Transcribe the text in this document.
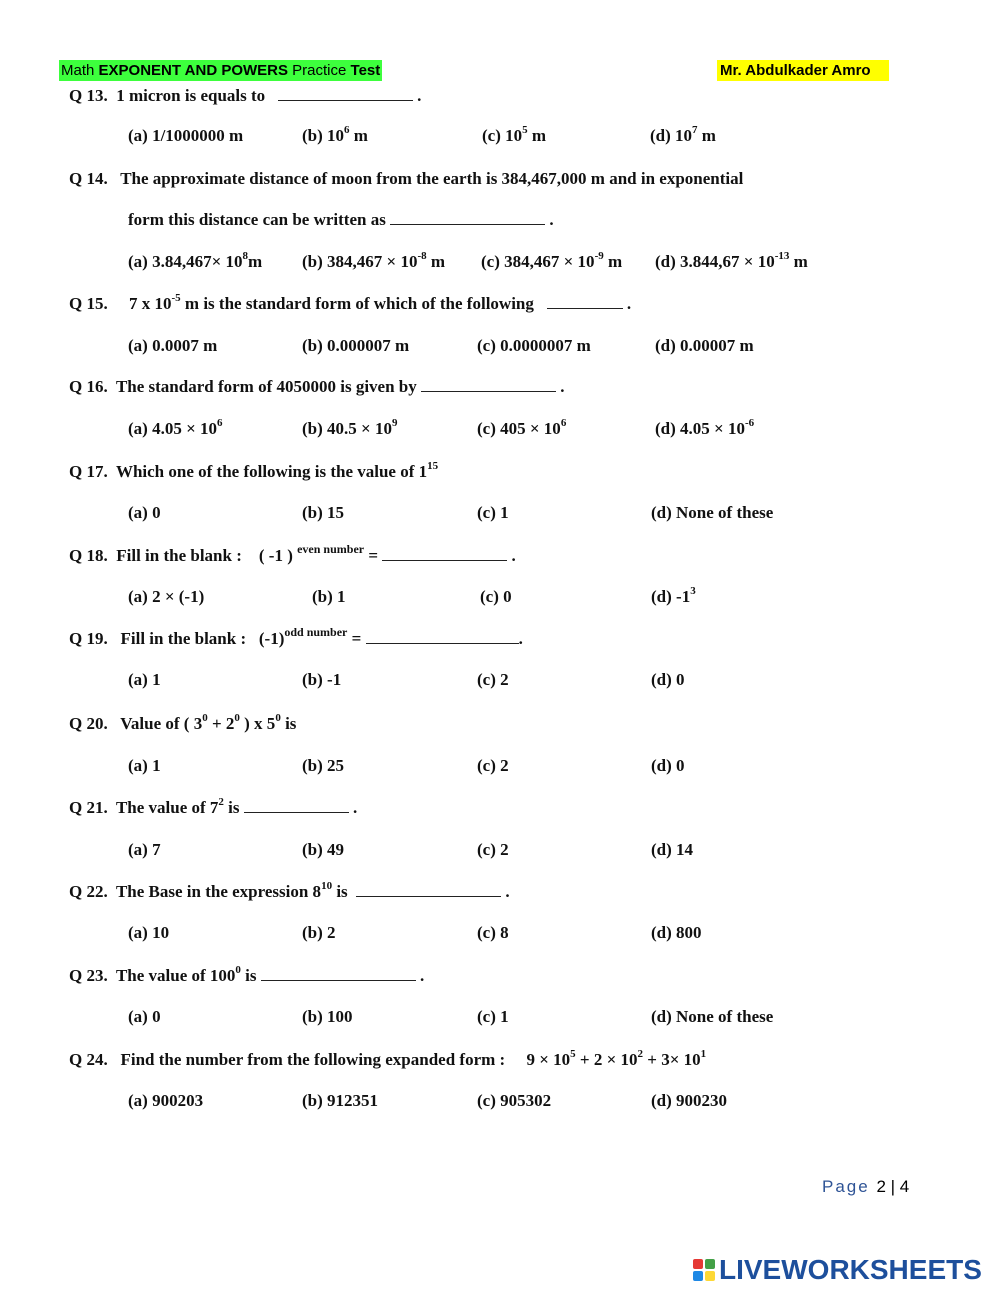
Math EXPONENT AND POWERS Practice Test	Mr. Abdulkader Amro
Q 13. 1 micron is equals to	.
(a) 1/1000000 m	(b) $10^6$ m	(c) $10^5$ m	(d) $10^7$ m
Q 14. The approximate distance of moon from the earth is 384,467,000 m and in exponential
form this distance can be written as	.
(a) $3.84,467\times 10^8m$ (b) $384,467 \times 10^{-8}$ m (c) $384,467 \times 10^{-9}$ m (d) $3.844,67 \times 10^{-13}$ m
Q 15. 7 x $10^{-5}$ m is the standard form of which of the following	.
(a) 0.0007 m	(b) 0.000007 m	(c) 0.0000007 m	(d) 0.00007 m
Q 16. The standard form of 4050000 is given by	.
(a) $4.05 \times 10^6$	(b) $40.5 \times 10^9$	(c) $405 \times 10^6$	(d) $4.05 \times 10^{-6}$
Q 17. Which one of the following is the value of $1^{15}$
(a) 0	(b) 15	(c) 1	(d) None of these
Q 18. Fill in the blank : ( -1 ) $^{even number}$ =	.
(a) 2 × (-1)	(b) 1	(c) 0	(d) $-1^3$
Q 19. Fill in the blank : $(-1)^{odd number}$ =	.
(a) 1	(b) -1	(c) 2	(d) 0
Q 20. Value of ( $3^0 + 2^0$ ) x $5^0$ is
(a) 1	(b) 25	(c) 2	(d) 0
Q 21. The value of $7^2$ is	.
(a) 7	(b) 49	(c) 2	(d) 14
Q 22. The Base in the expression $8^{10}$ is	.
(a) 10	(b) 2	(c) 8	(d) 800
Q 23. The value of $100^0$ is	.
(a) 0	(b) 100	(c) 1	(d) None of these
Q 24. Find the number from the following expanded form : $9 \times 10^5 + 2 \times 10^2 + 3\times 10^1$
(a) 900203	(b) 912351	(c) 905302	(d) 900230
Page 2 | 4
LIVEWORKSHEETS
